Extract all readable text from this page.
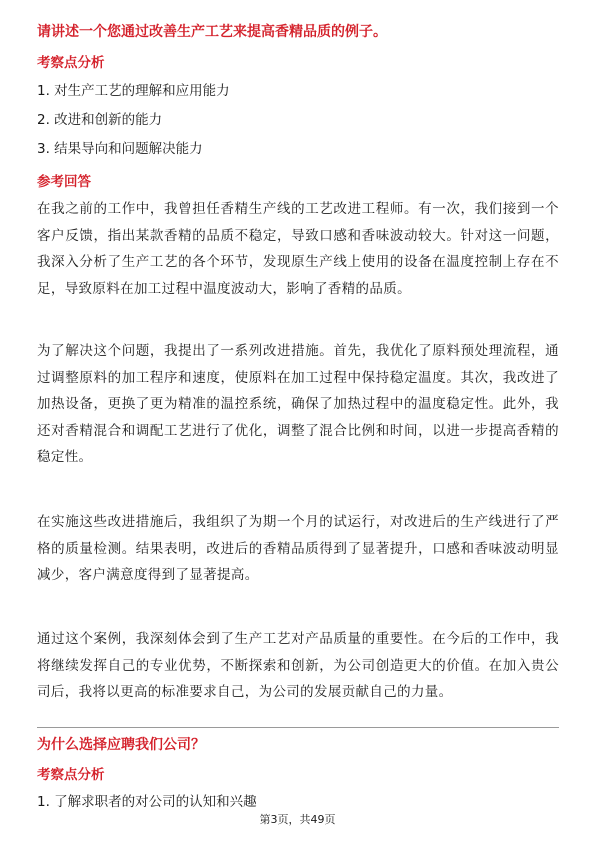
请讲述一个您通过改善生产工艺来提高香精品质的例子。
考察点分析
1. 对生产工艺的理解和应用能力
2. 改进和创新的能力
3. 结果导向和问题解决能力
参考回答
在我之前的工作中，我曾担任香精生产线的工艺改进工程师。有一次，我们接到一个客户反馈，指出某款香精的品质不稳定，导致口感和香味波动较大。针对这一问题，我深入分析了生产工艺的各个环节，发现原生产线上使用的设备在温度控制上存在不足，导致原料在加工过程中温度波动大，影响了香精的品质。
为了解决这个问题，我提出了一系列改进措施。首先，我优化了原料预处理流程，通过调整原料的加工程序和速度，使原料在加工过程中保持稳定温度。其次，我改进了加热设备，更换了更为精准的温控系统，确保了加热过程中的温度稳定性。此外，我还对香精混合和调配工艺进行了优化，调整了混合比例和时间，以进一步提高香精的稳定性。
在实施这些改进措施后，我组织了为期一个月的试运行，对改进后的生产线进行了严格的质量检测。结果表明，改进后的香精品质得到了显著提升，口感和香味波动明显减少，客户满意度得到了显著提高。
通过这个案例，我深刻体会到了生产工艺对产品质量的重要性。在今后的工作中，我将继续发挥自己的专业优势，不断探索和创新，为公司创造更大的价值。在加入贵公司后，我将以更高的标准要求自己，为公司的发展贡献自己的力量。
为什么选择应聘我们公司？
考察点分析
1. 了解求职者的对公司的认知和兴趣
第3页，共49页
